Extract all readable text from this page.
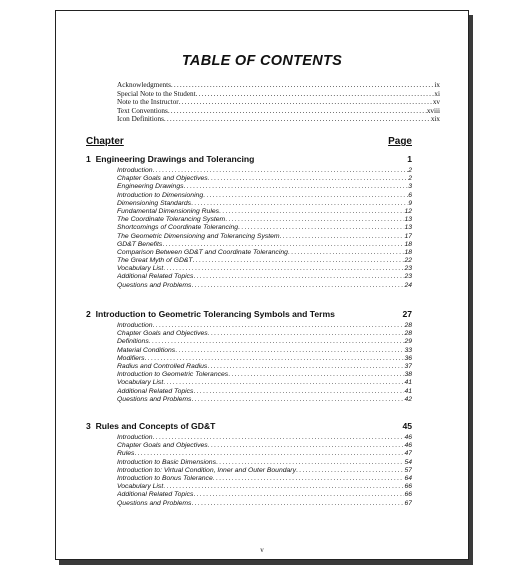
TABLE OF CONTENTS
Acknowledgments . . .	ix
Special Note to the Student . . .	xi
Note to the Instructor . . .	xv
Text Conventions . . .	xviii
Icon Definitions . . .	xix
Chapter	Page
1 Engineering Drawings and Tolerancing	1
Introduction . . .	2
Chapter Goals and Objectives . . .	2
Engineering Drawings . . .	3
Introduction to Dimensioning . . .	6
Dimensioning Standards . . .	9
Fundamental Dimensioning Rules . . .	12
The Coordinate Tolerancing System . . .	13
Shortcomings of Coordinate Tolerancing . . .	13
The Geometric Dimensioning and Tolerancing System . . .	17
GD&T Benefits . . .	18
Comparison Between GD&T and Coordinate Tolerancing . . .	18
The Great Myth of GD&T . . .	22
Vocabulary List . . .	23
Additional Related Topics . . .	23
Questions and Problems . . .	24
2 Introduction to Geometric Tolerancing Symbols and Terms	27
Introduction . . .	28
Chapter Goals and Objectives . . .	28
Definitions . . .	29
Material Conditions . . .	33
Modifiers . . .	36
Radius and Controlled Radius . . .	37
Introduction to Geometric Tolerances . . .	38
Vocabulary List . . .	41
Additional Related Topics . . .	41
Questions and Problems . . .	42
3 Rules and Concepts of GD&T	45
Introduction . . .	46
Chapter Goals and Objectives . . .	46
Rules . . .	47
Introduction to Basic Dimensions . . .	54
Introduction to: Virtual Condition, Inner and Outer Boundary . . .	57
Introduction to Bonus Tolerance . . .	64
Vocabulary List . . .	66
Additional Related Topics . . .	66
Questions and Problems . . .	67
v
